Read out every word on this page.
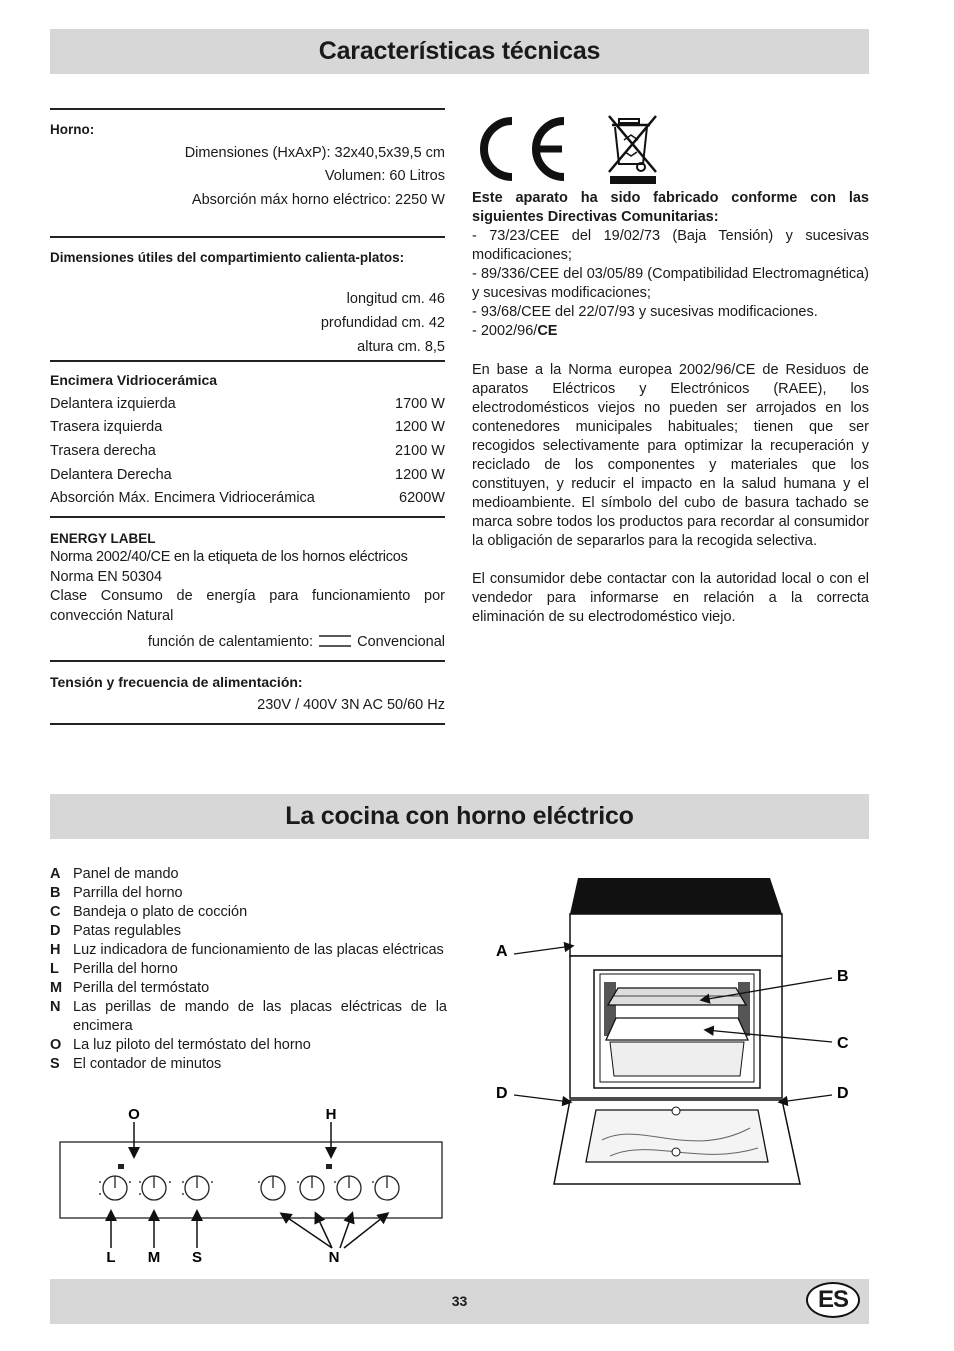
Características técnicas
Horno:
Dimensiones (HxAxP): 32x40,5x39,5 cm
Volumen: 60 Litros
Absorción máx horno eléctrico: 2250 W
Dimensiones útiles del compartimiento calienta-platos:
longitud cm. 46
profundidad cm. 42
altura cm. 8,5
Encimera Vidriocerámica
Delantera izquierda	1700 W
Trasera izquierda	1200 W
Trasera derecha	2100 W
Delantera Derecha	1200 W
Absorción Máx. Encimera Vidriocerámica	6200W
ENERGY LABEL
Norma 2002/40/CE en la etiqueta de los hornos eléctricos
Norma EN 50304
Clase Consumo de energía para funcionamiento por convección Natural
función de calentamiento:	Convencional
Tensión y frecuencia de alimentación:
230V / 400V 3N AC 50/60 Hz
Este aparato ha sido fabricado conforme con las siguientes Directivas Comunitarias:
- 73/23/CEE del 19/02/73 (Baja Tensión) y sucesivas modificaciones;
- 89/336/CEE del 03/05/89 (Compatibilidad Electromagnética) y sucesivas modificaciones;
- 93/68/CEE del 22/07/93 y sucesivas modificaciones.
- 2002/96/CE
En base a la Norma europea 2002/96/CE de Residuos de aparatos Eléctricos y Electrónicos (RAEE), los electrodomésticos viejos no pueden ser arrojados en los contenedores municipales habituales; tienen que ser recogidos selectivamente para optimizar la recuperación y reciclado de los componentes y materiales que los constituyen, y reducir el impacto en la salud humana y el medioambiente. El símbolo del cubo de basura tachado se marca sobre todos los productos para recordar al consumidor la obligación de separarlos para la recogida selectiva.
El consumidor debe contactar con la autoridad local o con el vendedor para informarse en relación a la correcta eliminación de su electrodoméstico viejo.
La cocina con horno eléctrico
A Panel de mando
B Parrilla del horno
C Bandeja o plato de cocción
D Patas regulables
H Luz indicadora de funcionamiento de las placas eléctricas
L Perilla del horno
M Perilla del termóstato
N Las perillas de mando de las placas eléctricas de la encimera
O La luz piloto del termóstato del horno
S El contador de minutos
O	H
L M S	N
A
B
C
D	D
33	ES
